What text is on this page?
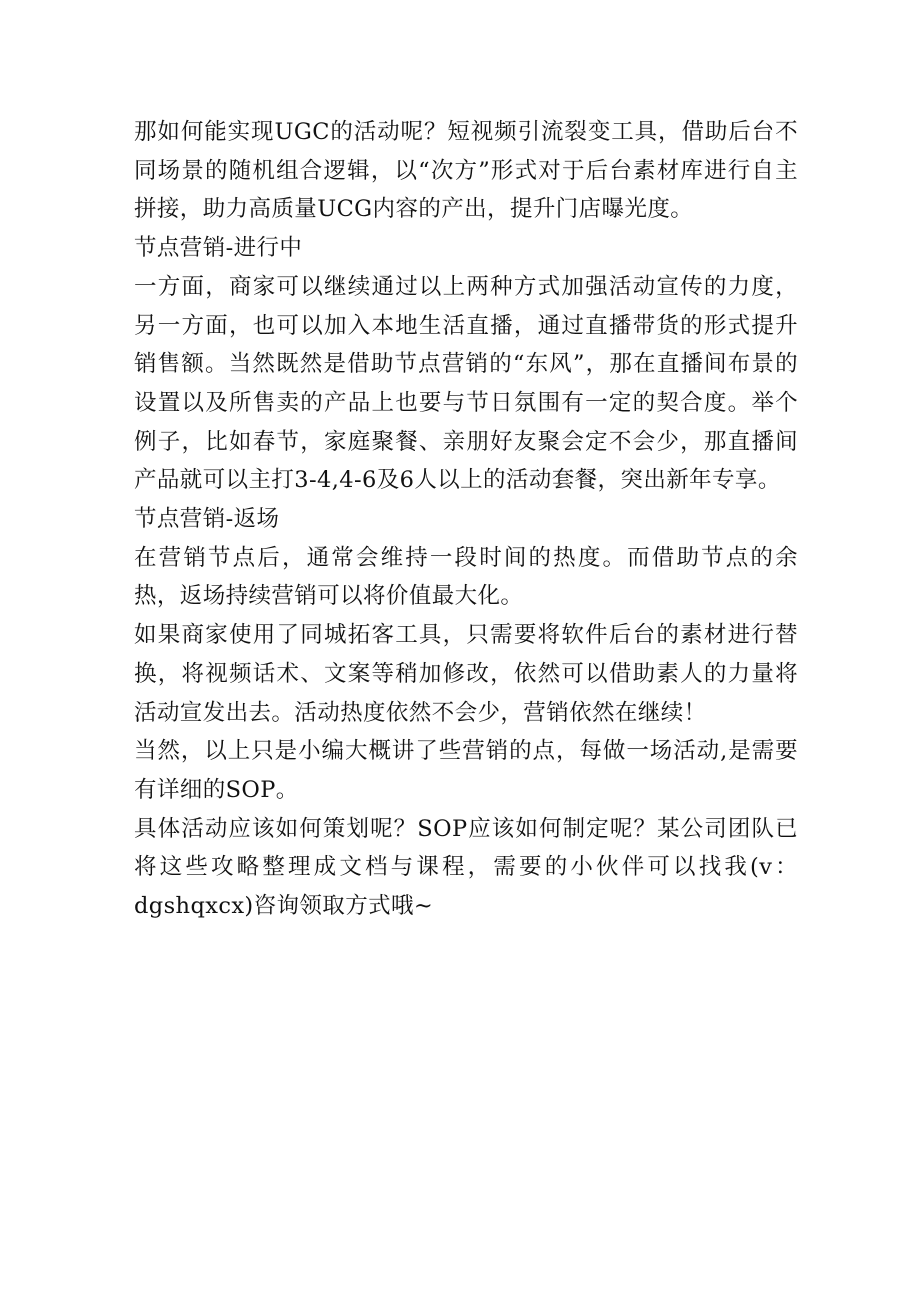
那如何能实现UGC的活动呢？短视频引流裂变工具，借助后台不同场景的随机组合逻辑，以“次方”形式对于后台素材库进行自主拼接，助力高质量UCG内容的产出，提升门店曝光度。

节点营销-进行中

一方面，商家可以继续通过以上两种方式加强活动宣传的力度，另一方面，也可以加入本地生活直播，通过直播带货的形式提升销售额。当然既然是借助节点营销的“东风”，那在直播间布景的设置以及所售卖的产品上也要与节日氛围有一定的契合度。举个例子，比如春节，家庭聚餐、亲朋好友聚会定不会少，那直播间产品就可以主打3-4,4-6及6人以上的活动套餐，突出新年专享。

节点营销-返场

在营销节点后，通常会维持一段时间的热度。而借助节点的余热，返场持续营销可以将价值最大化。

如果商家使用了同城拓客工具，只需要将软件后台的素材进行替换，将视频话术、文案等稍加修改，依然可以借助素人的力量将活动宣发出去。活动热度依然不会少，营销依然在继续！

当然，以上只是小编大概讲了些营销的点，每做一场活动,是需要有详细的SOP。

具体活动应该如何策划呢？SOP应该如何制定呢？某公司团队已将这些攻略整理成文档与课程，需要的小伙伴可以找我(v：dgshqxcx)咨询领取方式哦~
